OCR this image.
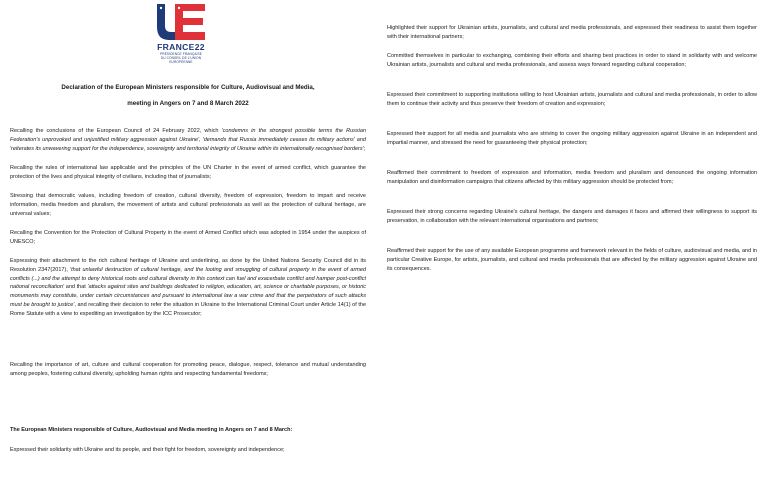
FRANCE22
PRÉSIDENCE FRANÇAISE
DU CONSEIL DE L'UNION
EUROPÉENNE
Declaration of the European Ministers responsible for Culture, Audiovisual and Media,
meeting in Angers on 7 and 8 March 2022

Recalling the conclusions of the European Council of 24 February 2022, which 'condemns in the strongest possible terms the Russian Federation's unprovoked and unjustified military aggression against Ukraine', 'demands that Russia immediately ceases its military actions' and 'reiterates its unwavering support for the independence, sovereignty and territorial integrity of Ukraine within its internationally recognised borders';

Recalling the rules of international law applicable and the principles of the UN Charter in the event of armed conflict, which guarantee the protection of the lives and physical integrity of civilians, including that of journalists;

Stressing that democratic values, including freedom of creation, cultural diversity, freedom of expression, freedom to impart and receive information, media freedom and pluralism, the movement of artists and cultural professionals as well as the protection of cultural heritage, are universal values;

Recalling the Convention for the Protection of Cultural Property in the event of Armed Conflict which was adopted in 1954 under the auspices of UNESCO;

Expressing their attachment to the rich cultural heritage of Ukraine and underlining, as done by the United Nations Security Council did in its Resolution 2347(2017), 'that unlawful destruction of cultural heritage, and the looting and smuggling of cultural property in the event of armed conflicts (...) and the attempt to deny historical roots and cultural diversity in this context can fuel and exacerbate conflict and hamper post-conflict national reconciliation' and that 'attacks against sites and buildings dedicated to religion, education, art, science or charitable purposes, or historic monuments may constitute, under certain circumstances and pursuant to international law a war crime and that the perpetrators of such attacks must be brought to justice', and recalling their decision to refer the situation in Ukraine to the International Criminal Court under Article 14(1) of the Rome Statute with a view to expediting an investigation by the ICC Prosecutor;

Recalling the importance of art, culture and cultural cooperation for promoting peace, dialogue, respect, tolerance and mutual understanding among peoples, fostering cultural diversity, upholding human rights and respecting fundamental freedoms;

The European Ministers responsible of Culture, Audiovisual and Media meeting in Angers on 7 and 8 March:

Expressed their solidarity with Ukraine and its people, and their fight for freedom, sovereignty and independence;

Highlighted their support for Ukrainian artists, journalists, and cultural and media professionals, and expressed their readiness to assist them together with their international partners;

Committed themselves in particular to exchanging, combining their efforts and sharing best practices in order to stand in solidarity with and welcome Ukrainian artists, journalists and cultural and media professionals, and assess ways forward regarding cultural cooperation;

Expressed their commitment to supporting institutions willing to host Ukrainian artists, journalists and cultural and media professionals, in order to allow them to continue their activity and thus preserve their freedom of creation and expression;

Expressed their support for all media and journalists who are striving to cover the ongoing military aggression against Ukraine in an independent and impartial manner, and stressed the need for guaranteeing their physical protection;

Reaffirmed their commitment to freedom of expression and information, media freedom and pluralism and denounced the ongoing information manipulation and disinformation campaigns that citizens affected by this military aggression should be protected from;

Expressed their strong concerns regarding Ukraine's cultural heritage, the dangers and damages it faces and affirmed their willingness to support its preservation, in collaboration with the relevant international organisations and partners;

Reaffirmed their support for the use of any available European programme and framework relevant in the fields of culture, audiovisual and media, and in particular Creative Europe, for artists, journalists, and cultural and media professionals that are affected by the military aggression against Ukraine and its consequences.
